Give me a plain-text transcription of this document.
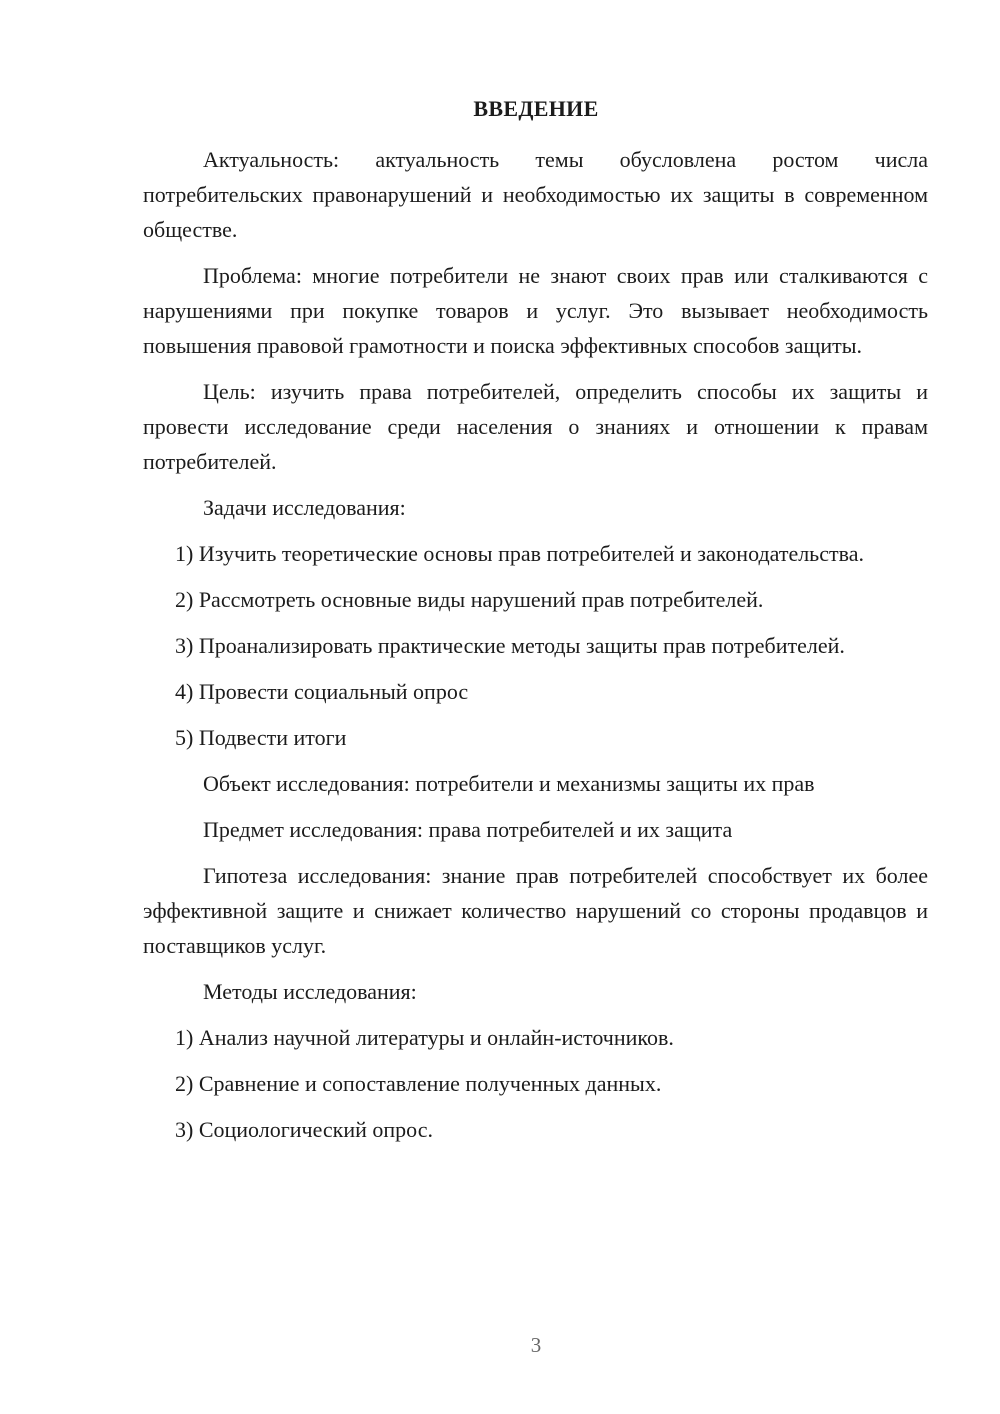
ВВЕДЕНИЕ

Актуальность: актуальность темы обусловлена ростом числа потребительских правонарушений и необходимостью их защиты в современном обществе.

Проблема: многие потребители не знают своих прав или сталкиваются с нарушениями при покупке товаров и услуг. Это вызывает необходимость повышения правовой грамотности и поиска эффективных способов защиты.

Цель: изучить права потребителей, определить способы их защиты и провести исследование среди населения о знаниях и отношении к правам потребителей.

Задачи исследования:

1) Изучить теоретические основы прав потребителей и законодательства.

2) Рассмотреть основные виды нарушений прав потребителей.

3) Проанализировать практические методы защиты прав потребителей.

4) Провести социальный опрос

5) Подвести итоги

Объект исследования: потребители и механизмы защиты их прав

Предмет исследования: права потребителей и их защита

Гипотеза исследования: знание прав потребителей способствует их более эффективной защите и снижает количество нарушений со стороны продавцов и поставщиков услуг.

Методы исследования:

1) Анализ научной литературы и онлайн-источников.

2) Сравнение и сопоставление полученных данных.

3) Социологический опрос.

3
